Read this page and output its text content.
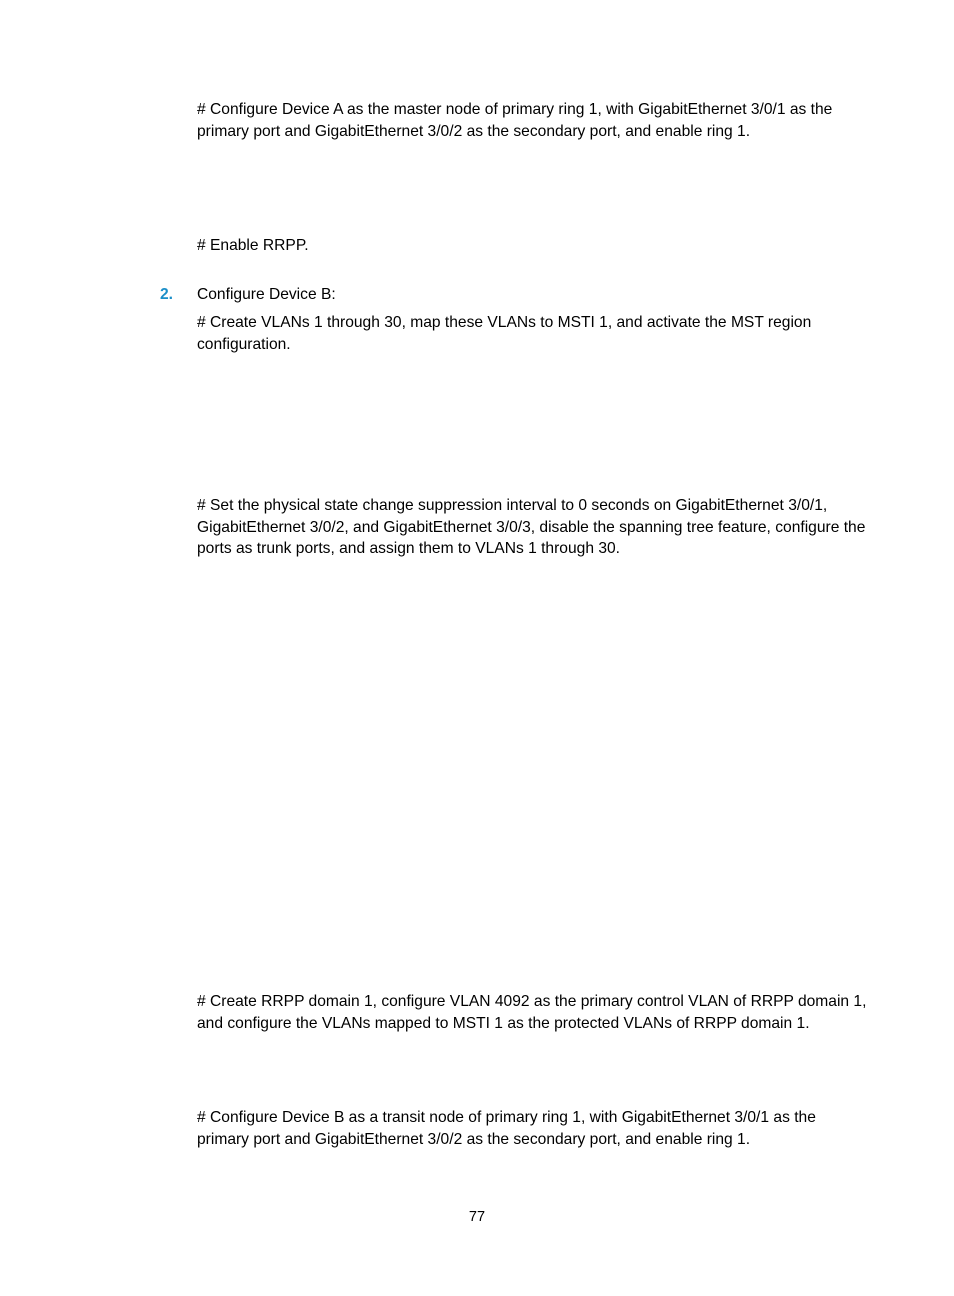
# Configure Device A as the master node of primary ring 1, with GigabitEthernet 3/0/1 as the primary port and GigabitEthernet 3/0/2 as the secondary port, and enable ring 1.

# Enable RRPP.

2. Configure Device B:

# Create VLANs 1 through 30, map these VLANs to MSTI 1, and activate the MST region configuration.

# Set the physical state change suppression interval to 0 seconds on GigabitEthernet 3/0/1, GigabitEthernet 3/0/2, and GigabitEthernet 3/0/3, disable the spanning tree feature, configure the ports as trunk ports, and assign them to VLANs 1 through 30.

# Create RRPP domain 1, configure VLAN 4092 as the primary control VLAN of RRPP domain 1, and configure the VLANs mapped to MSTI 1 as the protected VLANs of RRPP domain 1.

# Configure Device B as a transit node of primary ring 1, with GigabitEthernet 3/0/1 as the primary port and GigabitEthernet 3/0/2 as the secondary port, and enable ring 1.

77
